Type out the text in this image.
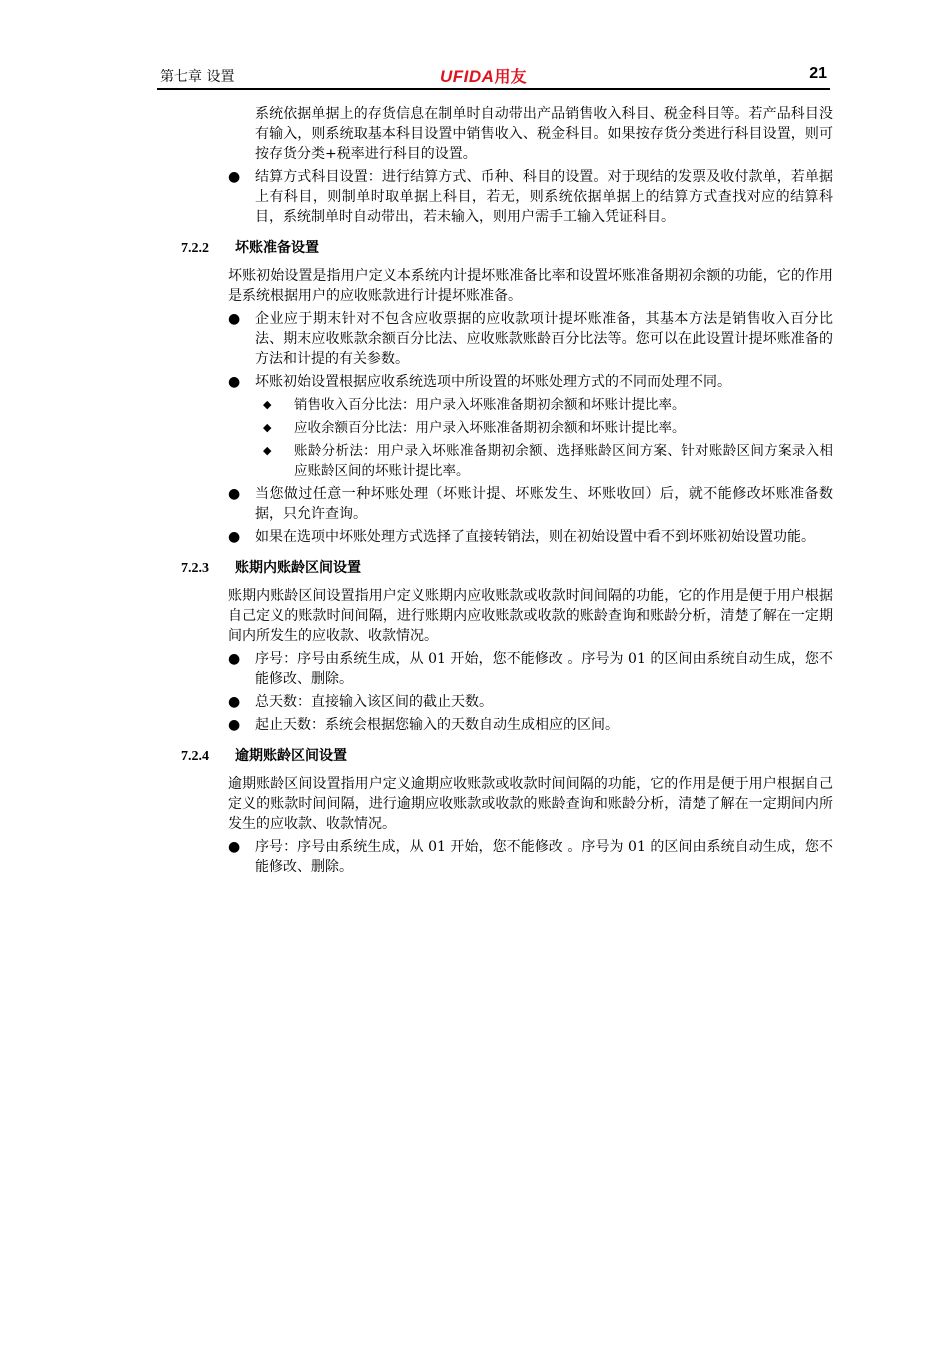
第七章 设置	UFIDA用友	21

系统依据单据上的存货信息在制单时自动带出产品销售收入科目、税金科目等。若产品科目没有输入，则系统取基本科目设置中销售收入、税金科目。如果按存货分类进行科目设置，则可按存货分类+税率进行科目的设置。

●	结算方式科目设置：进行结算方式、币种、科目的设置。对于现结的发票及收付款单，若单据上有科目，则制单时取单据上科目，若无，则系统依据单据上的结算方式查找对应的结算科目，系统制单时自动带出，若未输入，则用户需手工输入凭证科目。
7.2.2 坏账准备设置

坏账初始设置是指用户定义本系统内计提坏账准备比率和设置坏账准备期初余额的功能，它的作用是系统根据用户的应收账款进行计提坏账准备。

●	企业应于期末针对不包含应收票据的应收款项计提坏账准备，其基本方法是销售收入百分比法、期末应收账款余额百分比法、应收账款账龄百分比法等。您可以在此设置计提坏账准备的方法和计提的有关参数。
●	坏账初始设置根据应收系统选项中所设置的坏账处理方式的不同而处理不同。
◆ 销售收入百分比法：用户录入坏账准备期初余额和坏账计提比率。
◆ 应收余额百分比法：用户录入坏账准备期初余额和坏账计提比率。
◆ 账龄分析法：用户录入坏账准备期初余额、选择账龄区间方案、针对账龄区间方案录入相应账龄区间的坏账计提比率。
●	当您做过任意一种坏账处理（坏账计提、坏账发生、坏账收回）后，就不能修改坏账准备数据，只允许查询。
●	如果在选项中坏账处理方式选择了直接转销法，则在初始设置中看不到坏账初始设置功能。
7.2.3 账期内账龄区间设置

账期内账龄区间设置指用户定义账期内应收账款或收款时间间隔的功能，它的作用是便于用户根据自己定义的账款时间间隔，进行账期内应收账款或收款的账龄查询和账龄分析，清楚了解在一定期间内所发生的应收款、收款情况。

●	序号：序号由系统生成，从 01 开始，您不能修改 。序号为 01 的区间由系统自动生成，您不能修改、删除。
●	总天数：直接输入该区间的截止天数。
●	起止天数：系统会根据您输入的天数自动生成相应的区间。
7.2.4 逾期账龄区间设置

逾期账龄区间设置指用户定义逾期应收账款或收款时间间隔的功能，它的作用是便于用户根据自己定义的账款时间间隔，进行逾期应收账款或收款的账龄查询和账龄分析，清楚了解在一定期间内所发生的应收款、收款情况。

●	序号：序号由系统生成，从 01 开始，您不能修改 。序号为 01 的区间由系统自动生成，您不能修改、删除。
